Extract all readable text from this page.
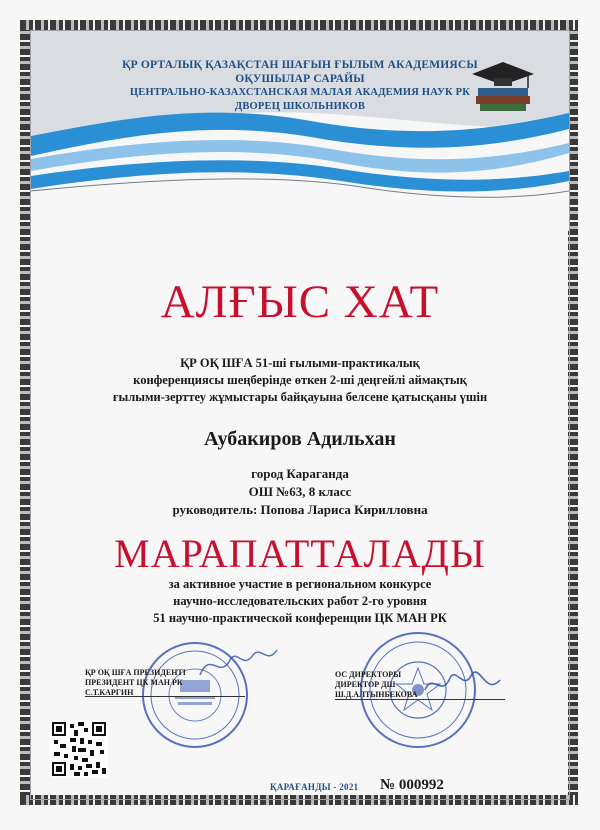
ҚР ОРТАЛЫҚ ҚАЗАҚСТАН ШАҒЫН ҒЫЛЫМ АКАДЕМИЯСЫ
ОҚУШЫЛАР САРАЙЫ
ЦЕНТРАЛЬНО-КАЗАХСТАНСКАЯ МАЛАЯ АКАДЕМИЯ НАУК РК
ДВОРЕЦ ШКОЛЬНИКОВ
АЛҒЫС ХАТ
ҚР ОҚ ШҒА 51-ші ғылыми-практикалық
конференциясы шеңберінде өткен 2-ші деңгейлі аймақтық
ғылыми-зерттеу жұмыстары байқауына белсене қатысқаны үшін
Аубакиров Адильхан
город Караганда
ОШ №63, 8 класс
руководитель: Попова Лариса Кирилловна
МАРАПАТТАЛАДЫ
за активное участие в региональном конкурсе
научно-исследовательских работ 2-го уровня
51 научно-практической конференции ЦК МАН РК
ҚР ОҚ ШҒА ПРЕЗИДЕНТІ
ПРЕЗИДЕНТ ЦК МАН РК
С.Т.КАРГИН
ОС ДИРЕКТОРЫ
ДИРЕКТОР ДШ
Ш.Д.АЛТЫНБЕКОВА
ҚАРАҒАНДЫ - 2021 № 000992
